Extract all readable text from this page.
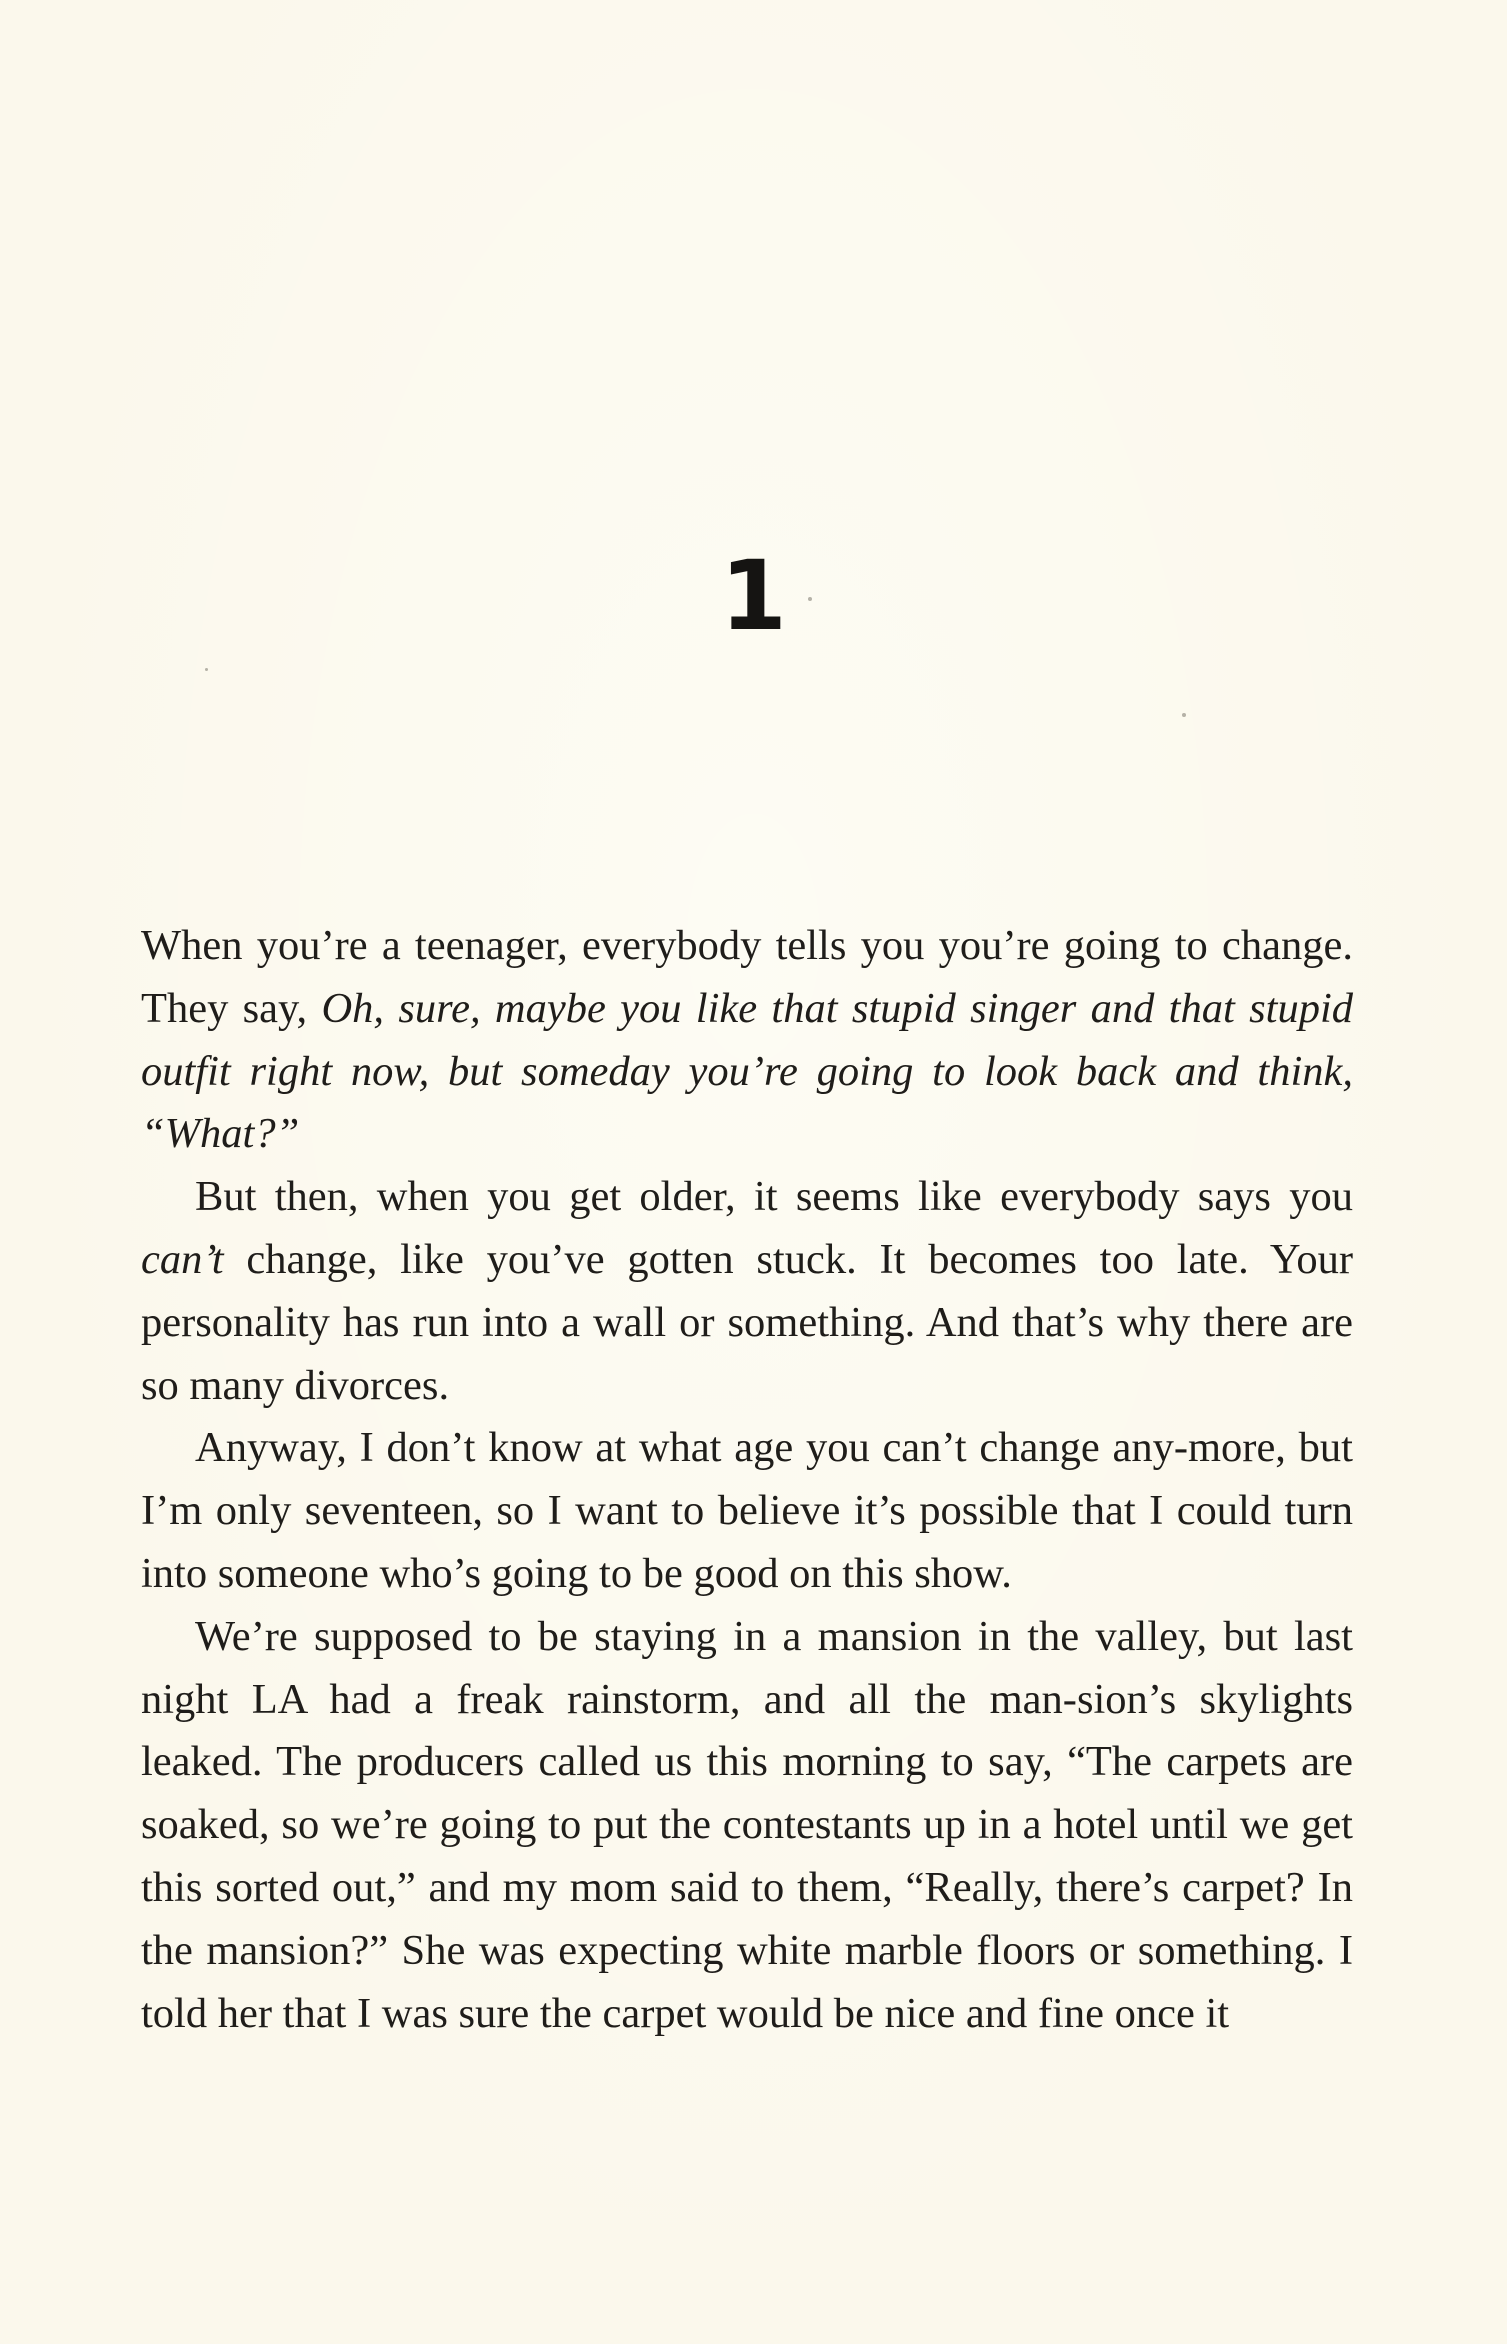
1

When you’re a teenager, everybody tells you you’re going to change. They say, Oh, sure, maybe you like that stupid singer and that stupid outfit right now, but someday you’re going to look back and think, “What?”

But then, when you get older, it seems like everybody says you can’t change, like you’ve gotten stuck. It becomes too late. Your personality has run into a wall or something. And that’s why there are so many divorces.

Anyway, I don’t know at what age you can’t change any-more, but I’m only seventeen, so I want to believe it’s possible that I could turn into someone who’s going to be good on this show.

We’re supposed to be staying in a mansion in the valley, but last night LA had a freak rainstorm, and all the man-sion’s skylights leaked. The producers called us this morning to say, “The carpets are soaked, so we’re going to put the contestants up in a hotel until we get this sorted out,” and my mom said to them, “Really, there’s carpet? In the mansion?” She was expecting white marble floors or something. I told her that I was sure the carpet would be nice and fine once it
